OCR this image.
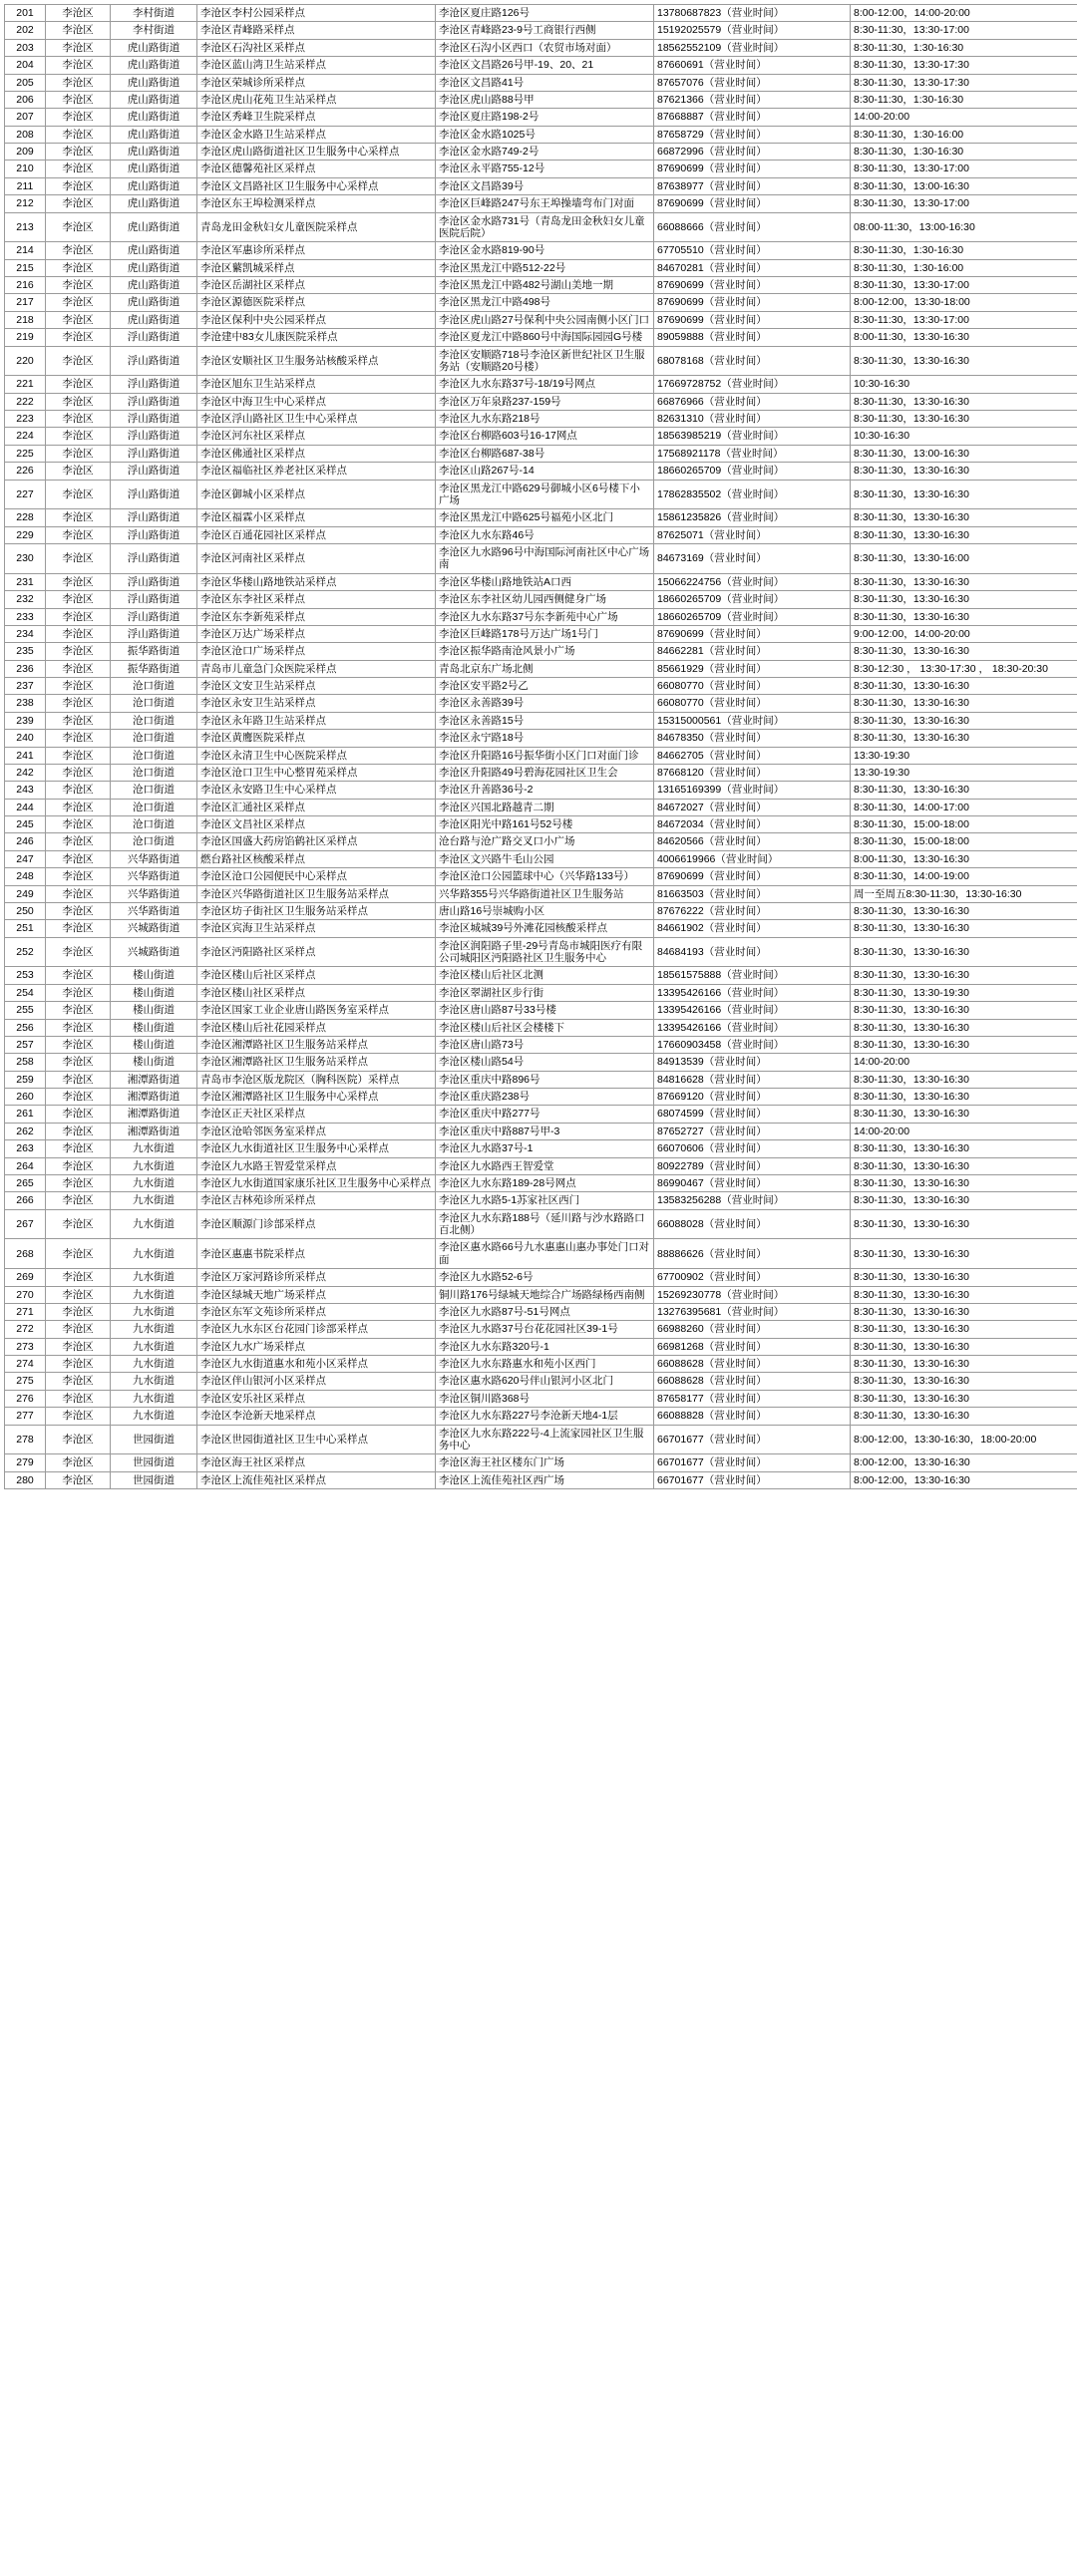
201	李沧区	李村街道	李沧区李村公园采样点	李沧区夏庄路126号	13780687823（营业时间）	8:00-12:00，14:00-20:00
202	李沧区	李村街道	李沧区青峰路采样点	李沧区青峰路23-9号工商银行西侧	15192025579（营业时间）	8:30-11:30，13:30-17:00
203	李沧区	虎山路街道	李沧区石沟社区采样点	李沧区石沟小区西口（农贸市场对面）	18562552109（营业时间）	8:30-11:30，1:30-16:30
204	李沧区	虎山路街道	李沧区蓝山湾卫生站采样点	李沧区文昌路26号甲-19、20、21	87660691（营业时间）	8:30-11:30，13:30-17:30
205	李沧区	虎山路街道	李沧区荣城诊所采样点	李沧区文昌路41号	87657076（营业时间）	8:30-11:30，13:30-17:30
206	李沧区	虎山路街道	李沧区虎山花苑卫生站采样点	李沧区虎山路88号甲	87621366（营业时间）	8:30-11:30，1:30-16:30
207	李沧区	虎山路街道	李沧区秀峰卫生院采样点	李沧区夏庄路198-2号	87668887（营业时间）	14:00-20:00
208	李沧区	虎山路街道	李沧区金水路卫生站采样点	李沧区金水路1025号	87658729（营业时间）	8:30-11:30，1:30-16:00
209	李沧区	虎山路街道	李沧区虎山路街道社区卫生服务中心采样点	李沧区金水路749-2号	66872996（营业时间）	8:30-11:30，1:30-16:30
210	李沧区	虎山路街道	李沧区德馨苑社区采样点	李沧区永平路755-12号	87690699（营业时间）	8:30-11:30，13:30-17:00
211	李沧区	虎山路街道	李沧区文昌路社区卫生服务中心采样点	李沧区文昌路39号	87638977（营业时间）	8:30-11:30，13:00-16:30
212	李沧区	虎山路街道	李沧区东王埠检测采样点	李沧区巨峰路247号东王埠操墙弯布门对面	87690699（营业时间）	8:30-11:30，13:30-17:00
213	李沧区	虎山路街道	青岛龙田金秋妇女儿童医院采样点	李沧区金水路731号（青岛龙田金秋妇女儿童医院后院）	66088666（营业时间）	08:00-11:30，13:00-16:30
214	李沧区	虎山路街道	李沧区军惠诊所采样点	李沧区金水路819-90号	67705510（营业时间）	8:30-11:30，1:30-16:30
215	李沧区	虎山路街道	李沧区蘩凯城采样点	李沧区黑龙江中路512-22号	84670281（营业时间）	8:30-11:30，1:30-16:00
216	李沧区	虎山路街道	李沧区岳湖社区采样点	李沧区黑龙江中路482号湖山美地一期	87690699（营业时间）	8:30-11:30，13:30-17:00
217	李沧区	虎山路街道	李沧区源德医院采样点	李沧区黑龙江中路498号	87690699（营业时间）	8:00-12:00，13:30-18:00
218	李沧区	虎山路街道	李沧区保利中央公园采样点	李沧区虎山路27号保利中央公园南侧小区门口	87690699（营业时间）	8:30-11:30，13:30-17:00
219	李沧区	浮山路街道	李沧建中83女儿康医院采样点	李沧区夏龙江中路860号中海国际园园G号楼	89059888（营业时间）	8:00-11:30，13:30-16:30
220	李沧区	浮山路街道	李沧区安顺社区卫生服务站核酸采样点	李沧区安顺路718号李沧区新世纪社区卫生服务站（安顺路20号楼）	68078168（营业时间）	8:30-11:30，13:30-16:30
221	李沧区	浮山路街道	李沧区旭东卫生站采样点	李沧区九水东路37号-18/19号网点	17669728752（营业时间）	10:30-16:30
222	李沧区	浮山路街道	李沧区中海卫生中心采样点	李沧区万年泉路237-159号	66876966（营业时间）	8:30-11:30，13:30-16:30
223	李沧区	浮山路街道	李沧区浮山路社区卫生中心采样点	李沧区九水东路218号	82631310（营业时间）	8:30-11:30，13:30-16:30
224	李沧区	浮山路街道	李沧区河东社区采样点	李沧区台柳路603号16-17网点	18563985219（营业时间）	10:30-16:30
225	李沧区	浮山路街道	李沧区佛通社区采样点	李沧区台柳路687-38号	17568921178（营业时间）	8:30-11:30，13:00-16:30
226	李沧区	浮山路街道	李沧区福临社区养老社区采样点	李沧区山路267号-14	18660265709（营业时间）	8:30-11:30，13:30-16:30
227	李沧区	浮山路街道	李沧区御城小区采样点	李沧区黑龙江中路629号御城小区6号楼下小广场	17862835502（营业时间）	8:30-11:30，13:30-16:30
228	李沧区	浮山路街道	李沧区福霖小区采样点	李沧区黑龙江中路625号福苑小区北门	15861235826（营业时间）	8:30-11:30，13:30-16:30
229	李沧区	浮山路街道	李沧区百通花园社区采样点	李沧区九水东路46号	87625071（营业时间）	8:30-11:30，13:30-16:30
230	李沧区	浮山路街道	李沧区河南社区采样点	李沧区九水路96号中海国际河南社区中心广场南	84673169（营业时间）	8:30-11:30，13:30-16:00
231	李沧区	浮山路街道	李沧区华楼山路地铁站采样点	李沧区华楼山路地铁站A口西	15066224756（营业时间）	8:30-11:30，13:30-16:30
232	李沧区	浮山路街道	李沧区东李社区采样点	李沧区东李社区幼儿园西侧健身广场	18660265709（营业时间）	8:30-11:30，13:30-16:30
233	李沧区	浮山路街道	李沧区东李新苑采样点	李沧区九水东路37号东李新苑中心广场	18660265709（营业时间）	8:30-11:30，13:30-16:30
234	李沧区	浮山路街道	李沧区万达广场采样点	李沧区巨峰路178号万达广场1号门	87690699（营业时间）	9:00-12:00，14:00-20:00
235	李沧区	振华路街道	李沧区沧口广场采样点	李沧区振华路南沧风景小广场	84662281（营业时间）	8:30-11:30，13:30-16:30
236	李沧区	振华路街道	青岛市儿童急门众医院采样点	青岛北京东广场北侧	85661929（营业时间）	8:30-12:30 ， 13:30-17:30 ， 18:30-20:30
237	李沧区	沧口街道	李沧区文安卫生站采样点	李沧区安平路2号乙	66080770（营业时间）	8:30-11:30，13:30-16:30
238	李沧区	沧口街道	李沧区永安卫生站采样点	李沧区永善路39号	66080770（营业时间）	8:30-11:30，13:30-16:30
239	李沧区	沧口街道	李沧区永年路卫生站采样点	李沧区永善路15号	15315000561（营业时间）	8:30-11:30，13:30-16:30
240	李沧区	沧口街道	李沧区黄鹰医院采样点	李沧区永宁路18号	84678350（营业时间）	8:30-11:30，13:30-16:30
241	李沧区	沧口街道	李沧区永清卫生中心医院采样点	李沧区升阳路16号振华街小区门口对面门诊	84662705（营业时间）	13:30-19:30
242	李沧区	沧口街道	李沧区沧口卫生中心整胃苑采样点	李沧区升阳路49号碧海花园社区卫生会	87668120（营业时间）	13:30-19:30
243	李沧区	沧口街道	李沧区永安路卫生中心采样点	李沧区升善路36号-2	13165169399（营业时间）	8:30-11:30，13:30-16:30
244	李沧区	沧口街道	李沧区汇通社区采样点	李沧区兴国北路越青二期	84672027（营业时间）	8:30-11:30，14:00-17:00
245	李沧区	沧口街道	李沧区文昌社区采样点	李沧区阳光中路161号52号楼	84672034（营业时间）	8:30-11:30，15:00-18:00
246	李沧区	沧口街道	李沧区国盛大药房馅鹤社区采样点	沧台路与沧广路交叉口小广场	84620566（营业时间）	8:30-11:30，15:00-18:00
247	李沧区	兴华路街道	燃台路社区核酸采样点	李沧区文兴路牛毛山公园	4006619966（营业时间）	8:00-11:30，13:30-16:30
248	李沧区	兴华路街道	李沧区沧口公园便民中心采样点	李沧区沧口公园篮球中心（兴华路133号）	87690699（营业时间）	8:30-11:30，14:00-19:00
249	李沧区	兴华路街道	李沧区兴华路街道社区卫生服务站采样点	兴华路355号兴华路街道社区卫生服务站	81663503（营业时间）	周一至周五8:30-11:30，13:30-16:30
250	李沧区	兴华路街道	李沧区坊子街社区卫生服务站采样点	唐山路16号崇城购小区	87676222（营业时间）	8:30-11:30，13:30-16:30
251	李沧区	兴城路街道	李沧区宾海卫生站采样点	李沧区城城39号外滩花园核酸采样点	84661902（营业时间）	8:30-11:30，13:30-16:30
252	李沧区	兴城路街道	李沧区沔阳路社区采样点	李沧区润阳路子里-29号青岛市城阳医疗有限公司城阳区沔阳路社区卫生服务中心	84684193（营业时间）	8:30-11:30，13:30-16:30
253	李沧区	楼山街道	李沧区楼山后社区采样点	李沧区楼山后社区北测	18561575888（营业时间）	8:30-11:30，13:30-16:30
254	李沧区	楼山街道	李沧区楼山社区采样点	李沧区翠湖社区步行街	13395426166（营业时间）	8:30-11:30，13:30-19:30
255	李沧区	楼山街道	李沧区国家工业企业唐山路医务室采样点	李沧区唐山路87号33号楼	13395426166（营业时间）	8:30-11:30，13:30-16:30
256	李沧区	楼山街道	李沧区楼山后社花园采样点	李沧区楼山后社区会楼楼下	13395426166（营业时间）	8:30-11:30，13:30-16:30
257	李沧区	楼山街道	李沧区湘潭路社区卫生服务站采样点	李沧区唐山路73号	17660903458（营业时间）	8:30-11:30，13:30-16:30
258	李沧区	楼山街道	李沧区湘潭路社区卫生服务站采样点	李沧区楼山路54号	84913539（营业时间）	14:00-20:00
259	李沧区	湘潭路街道	青岛市李沧区版龙院区（胸科医院）采样点	李沧区重庆中路896号	84816628（营业时间）	8:30-11:30，13:30-16:30
260	李沧区	湘潭路街道	李沧区湘潭路社区卫生服务中心采样点	李沧区重庆路238号	87669120（营业时间）	8:30-11:30，13:30-16:30
261	李沧区	湘潭路街道	李沧区正天社区采样点	李沧区重庆中路277号	68074599（营业时间）	8:30-11:30，13:30-16:30
262	李沧区	湘潭路街道	李沧区沧哈邻医务室采样点	李沧区重庆中路887号甲-3	87652727（营业时间）	14:00-20:00
263	李沧区	九水街道	李沧区九水街道社区卫生服务中心采样点	李沧区九水路37号-1	66070606（营业时间）	8:30-11:30，13:30-16:30
264	李沧区	九水街道	李沧区九水路王智爱堂采样点	李沧区九水路西王智爱堂	80922789（营业时间）	8:30-11:30，13:30-16:30
265	李沧区	九水街道	李沧区九水街道国家康乐社区卫生服务中心采样点	李沧区九水东路189-28号网点	86990467（营业时间）	8:30-11:30，13:30-16:30
266	李沧区	九水街道	李沧区吉林苑诊所采样点	李沧区九水路5-1苏家社区西门	13583256288（营业时间）	8:30-11:30，13:30-16:30
267	李沧区	九水街道	李沧区顺源门诊部采样点	李沧区九水东路188号（延川路与沙水路路口百北侧）	66088028（营业时间）	8:30-11:30，13:30-16:30
268	李沧区	九水街道	李沧区惠惠书院采样点	李沧区惠水路66号九水惠惠山惠办事处门口对面	88886626（营业时间）	8:30-11:30，13:30-16:30
269	李沧区	九水街道	李沧区万家河路诊所采样点	李沧区九水路52-6号	67700902（营业时间）	8:30-11:30，13:30-16:30
270	李沧区	九水街道	李沧区绿城天地广场采样点	铜川路176号绿城天地综合广场路绿杨西南侧	15269230778（营业时间）	8:30-11:30，13:30-16:30
271	李沧区	九水街道	李沧区东军文苑诊所采样点	李沧区九水路87号-51号网点	13276395681（营业时间）	8:30-11:30，13:30-16:30
272	李沧区	九水街道	李沧区九水东区台花园门诊部采样点	李沧区九水路37号台花花园社区39-1号	66988260（营业时间）	8:30-11:30，13:30-16:30
273	李沧区	九水街道	李沧区九水广场采样点	李沧区九水东路320号-1	66981268（营业时间）	8:30-11:30，13:30-16:30
274	李沧区	九水街道	李沧区九水街道惠水和苑小区采样点	李沧区九水东路惠水和苑小区西门	66088628（营业时间）	8:30-11:30，13:30-16:30
275	李沧区	九水街道	李沧区伴山银河小区采样点	李沧区惠水路620号伴山银河小区北门	66088628（营业时间）	8:30-11:30，13:30-16:30
276	李沧区	九水街道	李沧区安乐社区采样点	李沧区铜川路368号	87658177（营业时间）	8:30-11:30，13:30-16:30
277	李沧区	九水街道	李沧区李沧新天地采样点	李沧区九水东路227号李沧新天地4-1层	66088828（营业时间）	8:30-11:30，13:30-16:30
278	李沧区	世园街道	李沧区世园街道社区卫生中心采样点	李沧区九水东路222号-4上流家园社区卫生服务中心	66701677（营业时间）	8:00-12:00，13:30-16:30，18:00-20:00
279	李沧区	世园街道	李沧区海王社区采样点	李沧区海王社区楼东门广场	66701677（营业时间）	8:00-12:00，13:30-16:30
280	李沧区	世园街道	李沧区上流佳苑社区采样点	李沧区上流佳苑社区西广场	66701677（营业时间）	8:00-12:00，13:30-16:30
